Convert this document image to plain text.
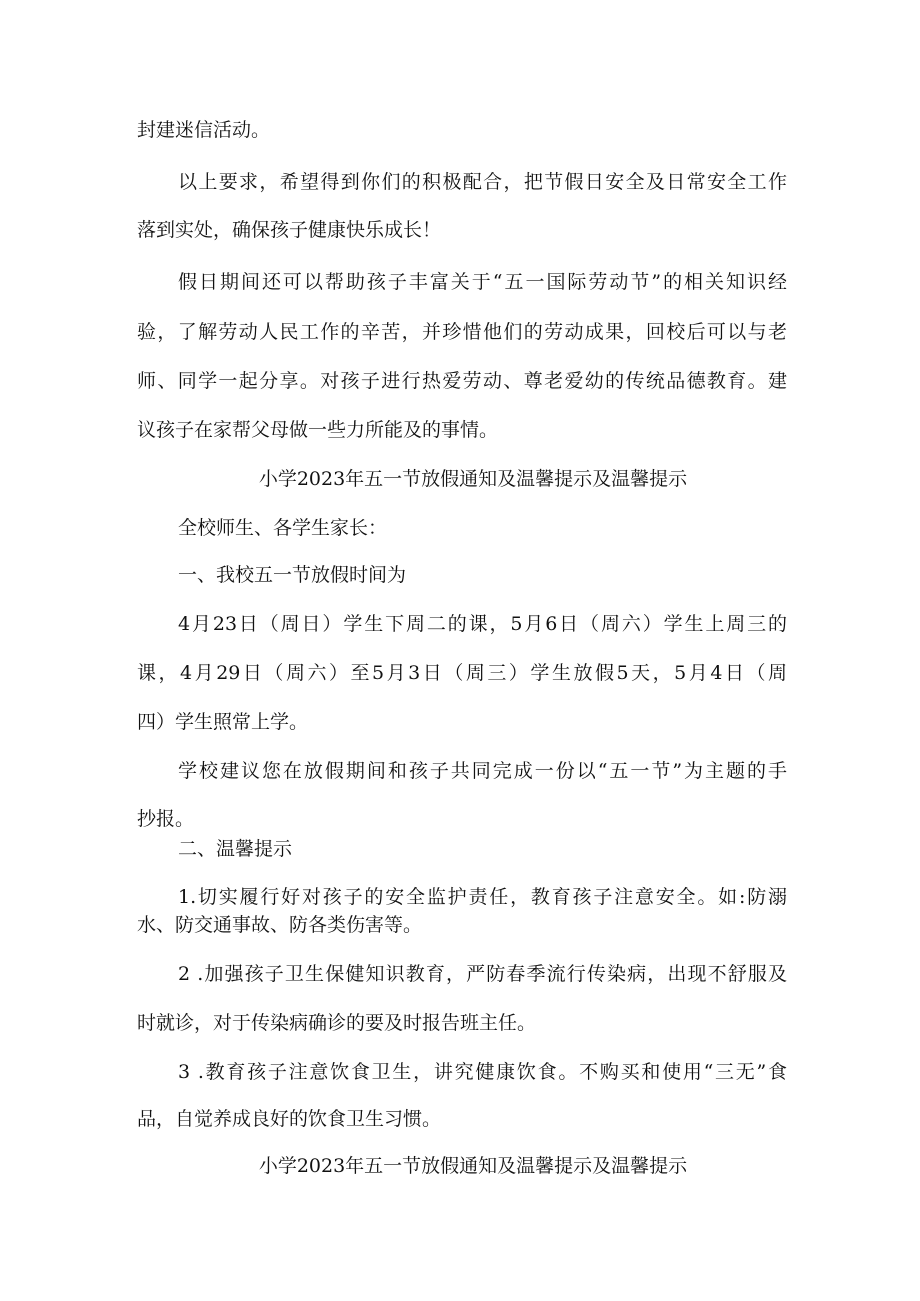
封建迷信活动。

以上要求，希望得到你们的积极配合，把节假日安全及日常安全工作

落到实处，确保孩子健康快乐成长！

假日期间还可以帮助孩子丰富关于“五一国际劳动节”的相关知识经

验，了解劳动人民工作的辛苦，并珍惜他们的劳动成果，回校后可以与老

师、同学一起分享。对孩子进行热爱劳动、尊老爱幼的传统品德教育。建

议孩子在家帮父母做一些力所能及的事情。

小学2023年五一节放假通知及温馨提示及温馨提示

全校师生、各学生家长：

一、我校五一节放假时间为

4月23日（周日）学生下周二的课，5月6日（周六）学生上周三的

课，4月29日（周六）至5月3日（周三）学生放假5天，5月4日（周

四）学生照常上学。

学校建议您在放假期间和孩子共同完成一份以“五一节”为主题的手

抄报。

二、温馨提示

1.切实履行好对孩子的安全监护责任，教育孩子注意安全。如:防溺

水、防交通事故、防各类伤害等。

2 .加强孩子卫生保健知识教育，严防春季流行传染病，出现不舒服及

时就诊，对于传染病确诊的要及时报告班主任。

3 .教育孩子注意饮食卫生，讲究健康饮食。不购买和使用“三无”食

品，自觉养成良好的饮食卫生习惯。

小学2023年五一节放假通知及温馨提示及温馨提示
